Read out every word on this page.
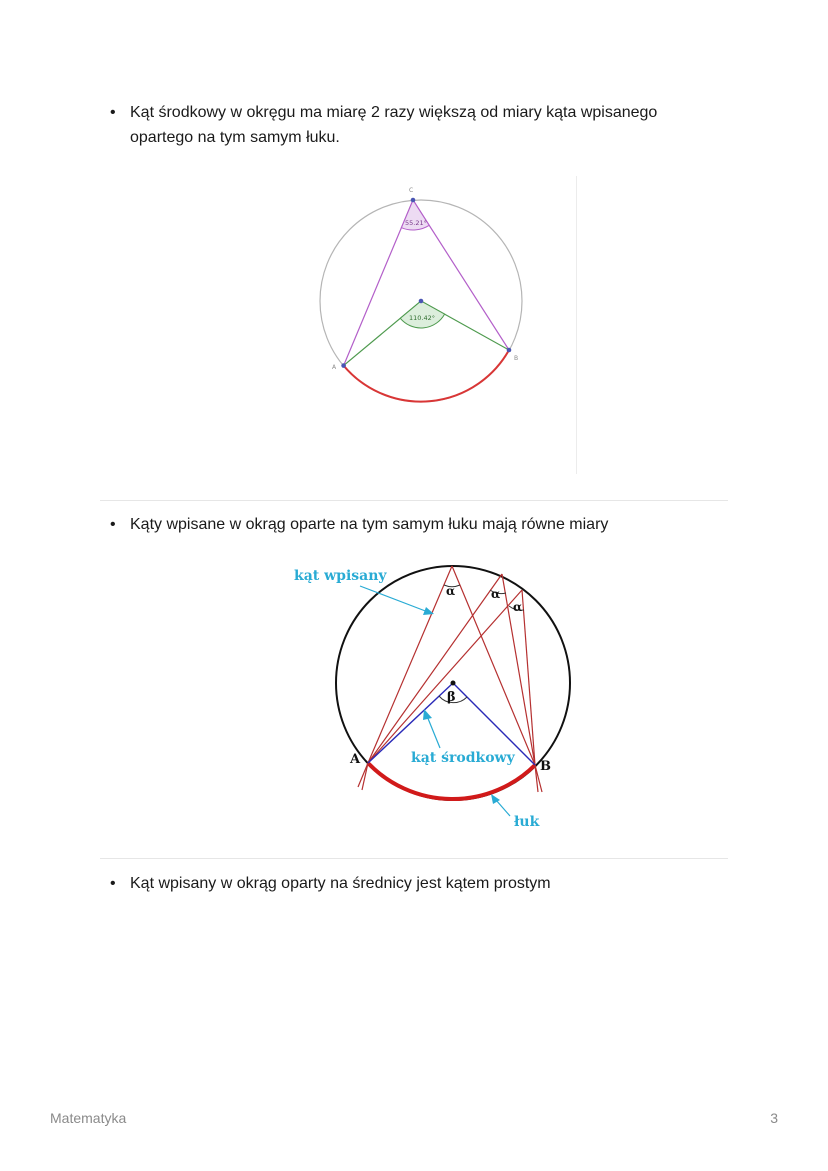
• Kąt środkowy w okręgu ma miarę 2 razy większą od miary kąta wpisanego opartego na tym samym łuku.
55.21°
110.42°
C
A
B
• Kąty wpisane w okrąg oparte na tym samym łuku mają równe miary
α	α
α
β
kąt wpisany
kąt środkowy
łuk
A	B
• Kąt wpisany w okrąg oparty na średnicy jest kątem prostym
Matematyka	3
